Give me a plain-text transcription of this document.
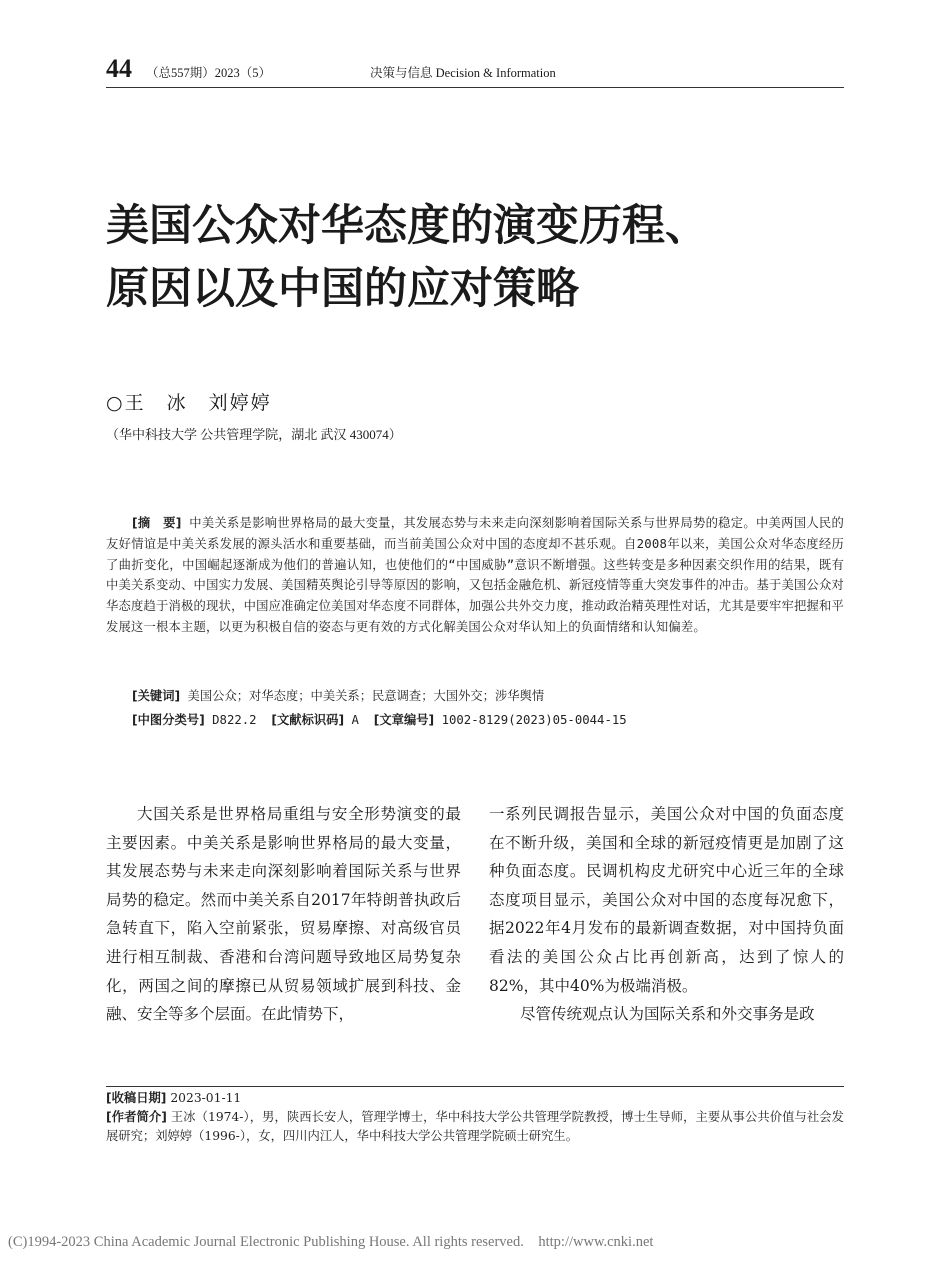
44 （总557期）2023（5）	决策与信息 Decision & Information
美国公众对华态度的演变历程、
原因以及中国的应对策略
○王　冰　刘婷婷
（华中科技大学 公共管理学院，湖北 武汉 430074）
[摘　要] 中美关系是影响世界格局的最大变量，其发展态势与未来走向深刻影响着国际关系与世界局势的稳定。中美两国人民的友好情谊是中美关系发展的源头活水和重要基础，而当前美国公众对中国的态度却不甚乐观。自2008年以来，美国公众对华态度经历了曲折变化，中国崛起逐渐成为他们的普遍认知，也使他们的“中国威胁”意识不断增强。这些转变是多种因素交织作用的结果，既有中美关系变动、中国实力发展、美国精英舆论引导等原因的影响，又包括金融危机、新冠疫情等重大突发事件的冲击。基于美国公众对华态度趋于消极的现状，中国应准确定位美国对华态度不同群体，加强公共外交力度，推动政治精英理性对话，尤其是要牢牢把握和平发展这一根本主题，以更为积极自信的姿态与更有效的方式化解美国公众对华认知上的负面情绪和认知偏差。
[关键词] 美国公众；对华态度；中美关系；民意调查；大国外交；涉华舆情
[中图分类号] D822.2 [文献标识码] A [文章编号] 1002-8129(2023)05-0044-15
大国关系是世界格局重组与安全形势演变的最主要因素。中美关系是影响世界格局的最大变量，其发展态势与未来走向深刻影响着国际关系与世界局势的稳定。然而中美关系自2017年特朗普执政后急转直下，陷入空前紧张，贸易摩擦、对高级官员进行相互制裁、香港和台湾问题导致地区局势复杂化，两国之间的摩擦已从贸易领域扩展到科技、金融、安全等多个层面。在此情势下，
一系列民调报告显示，美国公众对中国的负面态度在不断升级，美国和全球的新冠疫情更是加剧了这种负面态度。民调机构皮尤研究中心近三年的全球态度项目显示，美国公众对中国的态度每况愈下，据2022年4月发布的最新调查数据，对中国持负面看法的美国公众占比再创新高，达到了惊人的82%，其中40%为极端消极。
尽管传统观点认为国际关系和外交事务是政
[收稿日期] 2023-01-11
[作者简介] 王冰（1974-），男，陕西长安人，管理学博士，华中科技大学公共管理学院教授，博士生导师，主要从事公共价值与社会发展研究；刘婷婷（1996-），女，四川内江人，华中科技大学公共管理学院硕士研究生。
(C)1994-2023 China Academic Journal Electronic Publishing House. All rights reserved.    http://www.cnki.net
